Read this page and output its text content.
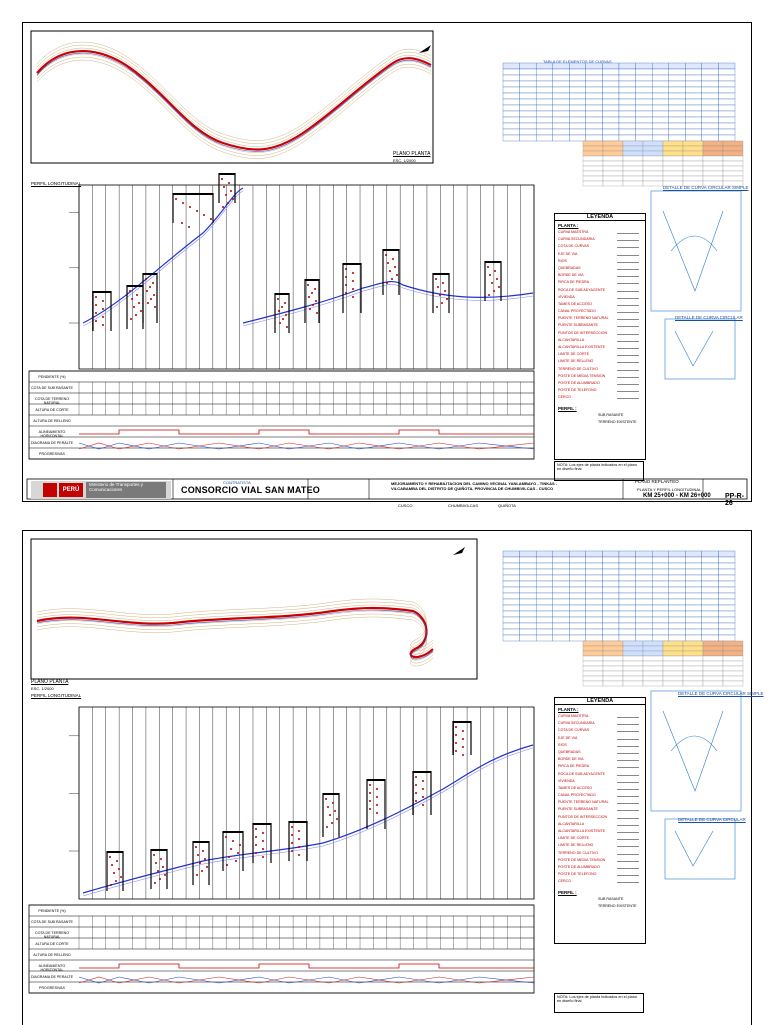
PLANO PLANTA
ESC. 1/2000
PERFIL LONGITUDINAL
TABLA DE ELEMENTOS DE CURVAS
LEYENDA
PLANTA :
CURVA MAESTRA
CURVA SECUNDARIA
COTA DE CURVAS
EJE DE VIA
RIOS
QUEBRADAS
BORDE DE VIA
PIRCA DE PIEDRA
ROCA DE SUB ADYACENTE
VIVIENDA
TAMES DE ACCESO
CANAL PROYECTADO
PUENTE TERRENO NATURAL
PUENTE SUBRASANTE
PUNTOS DE INTERSECCION
ALCANTARILLA
ALCANTARILLA EXISTENTE
LIMITE DE CORTE
LIMITE DE RELLENO
TERRENO DE CULTIVO
POSTE DE MEDIA TENSION
POSTE DE ALUMBRADO
POSTE DE TELEFONO
CERCO
PERFIL :
SUB RASANTE
TERRENO EXISTENTE
NOTA: Los ejes de planta indicados en el plano en diseño final
DETALLE DE CURVA CIRCULAR SIMPLE
DETALLE DE CURVA CIRCULAR
PENDIENTE (%)
COTA DE SUB RASANTE
COTA DE TERRENO NATURAL
ALTURA DE CORTE
ALTURA DE RELLENO
ALINEAMIENTO HORIZONTAL
DIAGRAMA DE PERALTE
PROGRESIVAS
PERÚ
Ministerio de Transportes y Comunicaciones
CONTRATISTA
CONSORCIO VIAL SAN MATEO
MEJORAMIENTO Y REHABILITACION DEL CAMINO VECINAL YANLAMBAYO - TINKAS - VILCABAMBA DEL DISTRITO DE QUIÑOTA, PROVINCIA DE CHUMBIVILCAS - CUSCO
CUSCO	CHUMBIVILCAS	QUIÑOTA
PLANO REPLANTEO
PLANTA Y PERFIL LONGITUDINAL
KM 25+000 - KM 26+000 PP-R-26
PLANO PLANTA
ESC. 1/2000
PERFIL LONGITUDINAL
LEYENDA
PLANTA :
CURVA MAESTRA
CURVA SECUNDARIA
COTA DE CURVAS
EJE DE VIA
RIOS
QUEBRADAS
BORDE DE VIA
PIRCA DE PIEDRA
ROCA DE SUB ADYACENTE
VIVIENDA
TAMES DE ACCESO
CANAL PROYECTADO
PUENTE TERRENO NATURAL
PUENTE SUBRASANTE
PUNTOS DE INTERSECCION
ALCANTARILLA
ALCANTARILLA EXISTENTE
LIMITE DE CORTE
LIMITE DE RELLENO
TERRENO DE CULTIVO
POSTE DE MEDIA TENSION
POSTE DE ALUMBRADO
POSTE DE TELEFONO
CERCO
PERFIL :
SUB RASANTE
TERRENO EXISTENTE
NOTA: Los ejes de planta indicados en el plano en diseño final
DETALLE DE CURVA CIRCULAR SIMPLE
DETALLE DE CURVA CIRCULAR
PENDIENTE (%)
COTA DE SUB RASANTE
COTA DE TERRENO NATURAL
ALTURA DE CORTE
ALTURA DE RELLENO
ALINEAMIENTO HORIZONTAL
DIAGRAMA DE PERALTE
PROGRESIVAS
